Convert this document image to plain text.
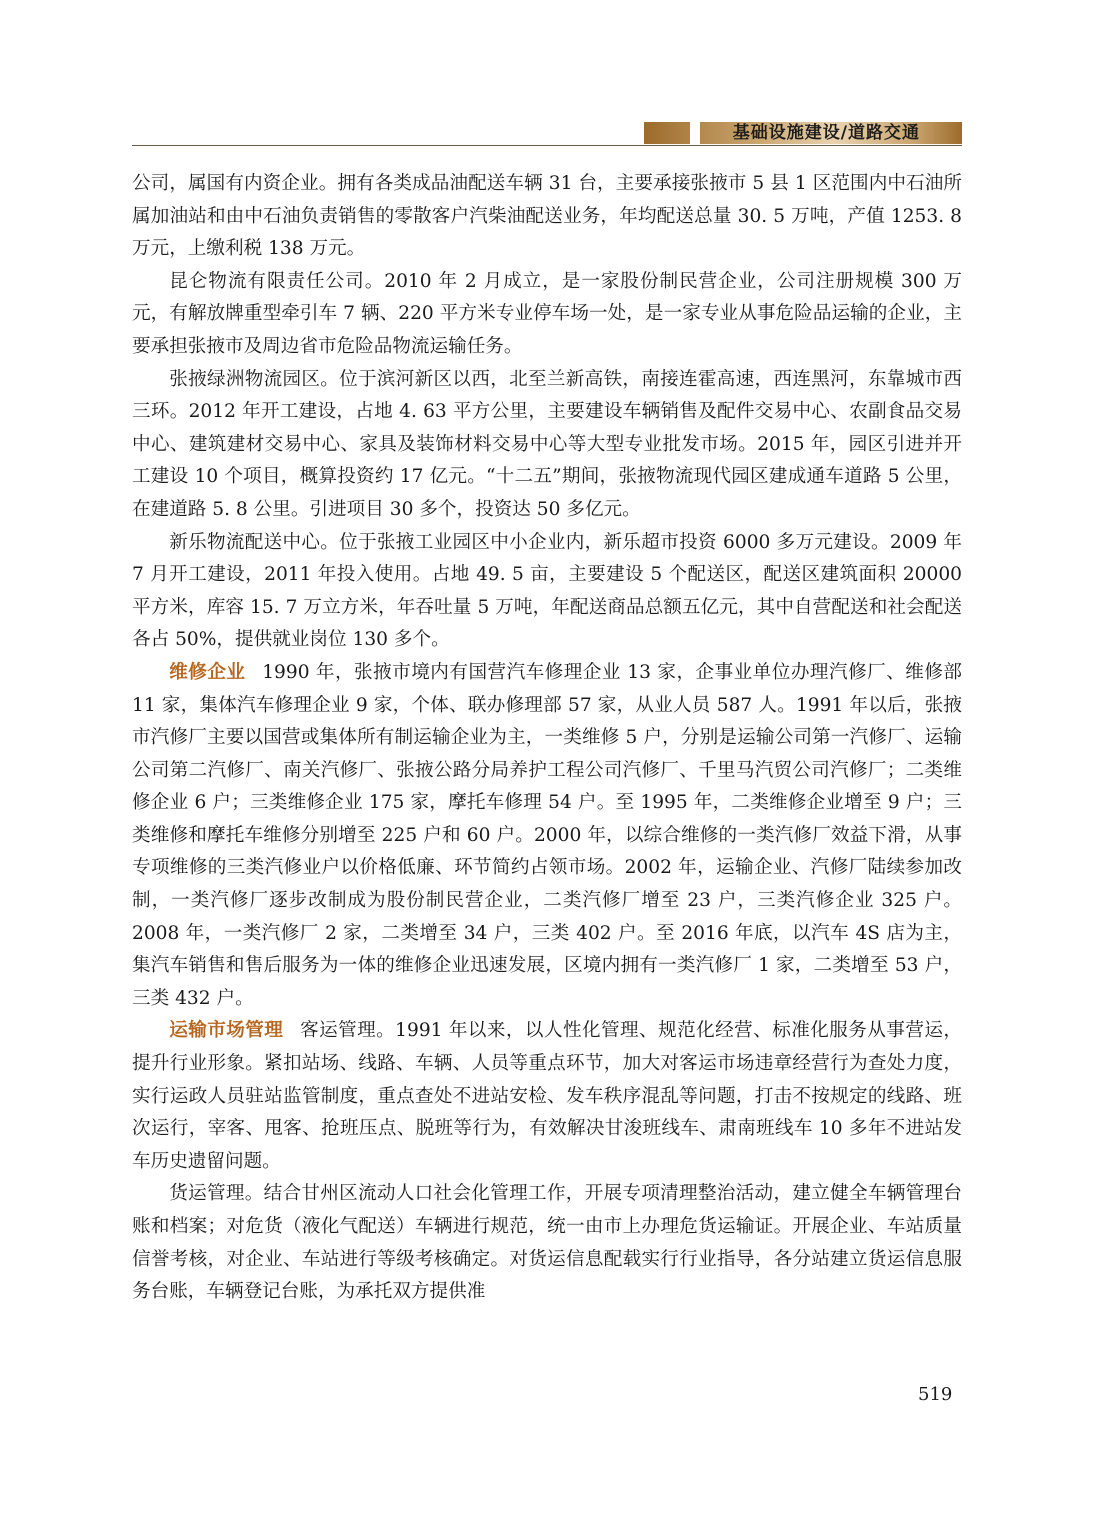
基础设施建设/道路交通

公司，属国有内资企业。拥有各类成品油配送车辆 31 台，主要承接张掖市 5 县 1 区范围内中石油所属加油站和由中石油负责销售的零散客户汽柴油配送业务，年均配送总量 30. 5 万吨，产值 1253. 8 万元，上缴利税 138 万元。

昆仑物流有限责任公司。2010 年 2 月成立，是一家股份制民营企业，公司注册规模 300 万元，有解放牌重型牵引车 7 辆、220 平方米专业停车场一处，是一家专业从事危险品运输的企业，主要承担张掖市及周边省市危险品物流运输任务。

张掖绿洲物流园区。位于滨河新区以西，北至兰新高铁，南接连霍高速，西连黑河，东靠城市西三环。2012 年开工建设，占地 4. 63 平方公里，主要建设车辆销售及配件交易中心、农副食品交易中心、建筑建材交易中心、家具及装饰材料交易中心等大型专业批发市场。2015 年，园区引进并开工建设 10 个项目，概算投资约 17 亿元。“十二五”期间，张掖物流现代园区建成通车道路 5 公里，在建道路 5. 8 公里。引进项目 30 多个，投资达 50 多亿元。

新乐物流配送中心。位于张掖工业园区中小企业内，新乐超市投资 6000 多万元建设。2009 年 7 月开工建设，2011 年投入使用。占地 49. 5 亩，主要建设 5 个配送区，配送区建筑面积 20000 平方米，库容 15. 7 万立方米，年吞吐量 5 万吨，年配送商品总额五亿元，其中自营配送和社会配送各占 50%，提供就业岗位 130 多个。

维修企业 1990 年，张掖市境内有国营汽车修理企业 13 家，企事业单位办理汽修厂、维修部 11 家，集体汽车修理企业 9 家，个体、联办修理部 57 家，从业人员 587 人。1991 年以后，张掖市汽修厂主要以国营或集体所有制运输企业为主，一类维修 5 户，分别是运输公司第一汽修厂、运输公司第二汽修厂、南关汽修厂、张掖公路分局养护工程公司汽修厂、千里马汽贸公司汽修厂；二类维修企业 6 户；三类维修企业 175 家，摩托车修理 54 户。至 1995 年，二类维修企业增至 9 户；三类维修和摩托车维修分别增至 225 户和 60 户。2000 年，以综合维修的一类汽修厂效益下滑，从事专项维修的三类汽修业户以价格低廉、环节简约占领市场。2002 年，运输企业、汽修厂陆续参加改制，一类汽修厂逐步改制成为股份制民营企业，二类汽修厂增至 23 户，三类汽修企业 325 户。2008 年，一类汽修厂 2 家，二类增至 34 户，三类 402 户。至 2016 年底，以汽车 4S 店为主，集汽车销售和售后服务为一体的维修企业迅速发展，区境内拥有一类汽修厂 1 家，二类增至 53 户，三类 432 户。

运输市场管理 客运管理。1991 年以来，以人性化管理、规范化经营、标准化服务从事营运，提升行业形象。紧扣站场、线路、车辆、人员等重点环节，加大对客运市场违章经营行为查处力度，实行运政人员驻站监管制度，重点查处不进站安检、发车秩序混乱等问题，打击不按规定的线路、班次运行，宰客、甩客、抢班压点、脱班等行为，有效解决甘浚班线车、肃南班线车 10 多年不进站发车历史遗留问题。

货运管理。结合甘州区流动人口社会化管理工作，开展专项清理整治活动，建立健全车辆管理台账和档案；对危货（液化气配送）车辆进行规范，统一由市上办理危货运输证。开展企业、车站质量信誉考核，对企业、车站进行等级考核确定。对货运信息配载实行行业指导，各分站建立货运信息服务台账，车辆登记台账，为承托双方提供准

519
